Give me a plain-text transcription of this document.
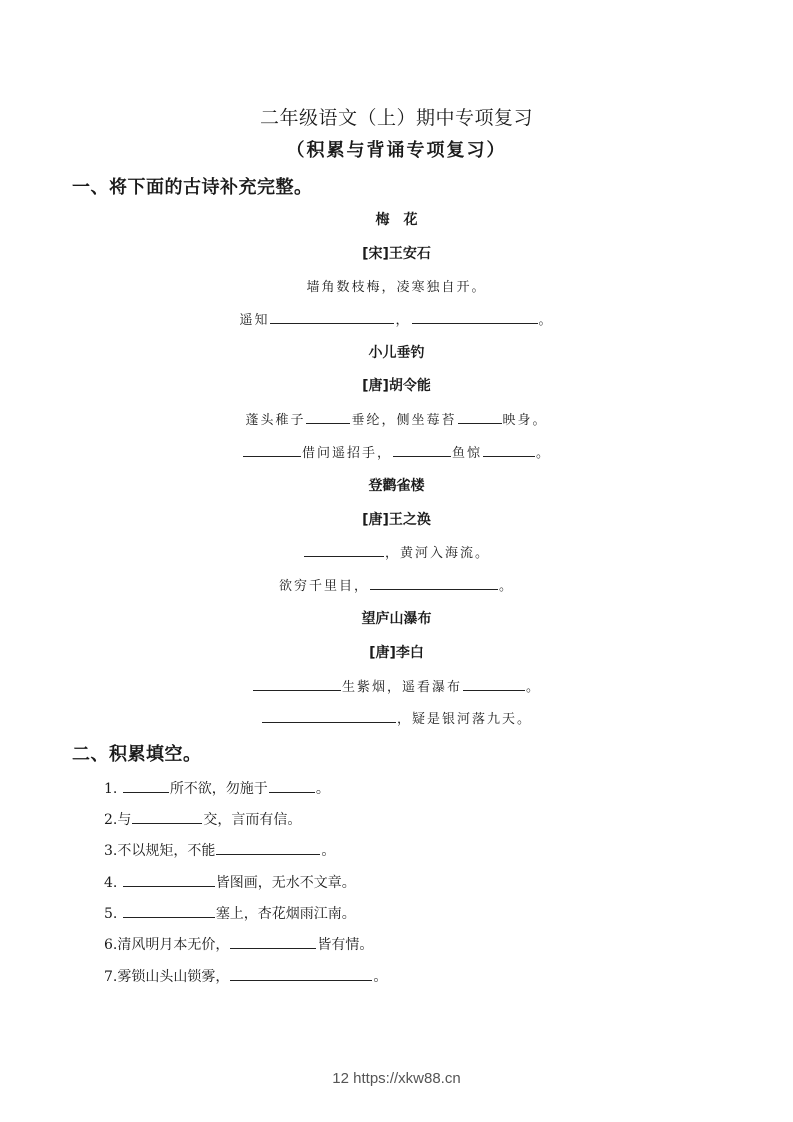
二年级语文（上）期中专项复习
（积累与背诵专项复习）
一、将下面的古诗补充完整。
梅　花
[宋]王安石
墙角数枝梅，凌寒独自开。
遥知	，	。
小儿垂钓
[唐]胡令能
蓬头稚子	垂纶，侧坐莓苔	映身。
借问遥招手，	鱼惊	。
登鹳雀楼
[唐]王之涣
，黄河入海流。
欲穷千里目，	。
望庐山瀑布
[唐]李白
生紫烟，遥看瀑布	。
，疑是银河落九天。
二、积累填空。
1.	所不欲，勿施于	。
2.与	交，言而有信。
3.不以规矩，不能	。
4.	皆图画，无水不文章。
5.	塞上，杏花烟雨江南。
6.清风明月本无价，	皆有情。
7.雾锁山头山锁雾，	。
12 https://xkw88.cn
